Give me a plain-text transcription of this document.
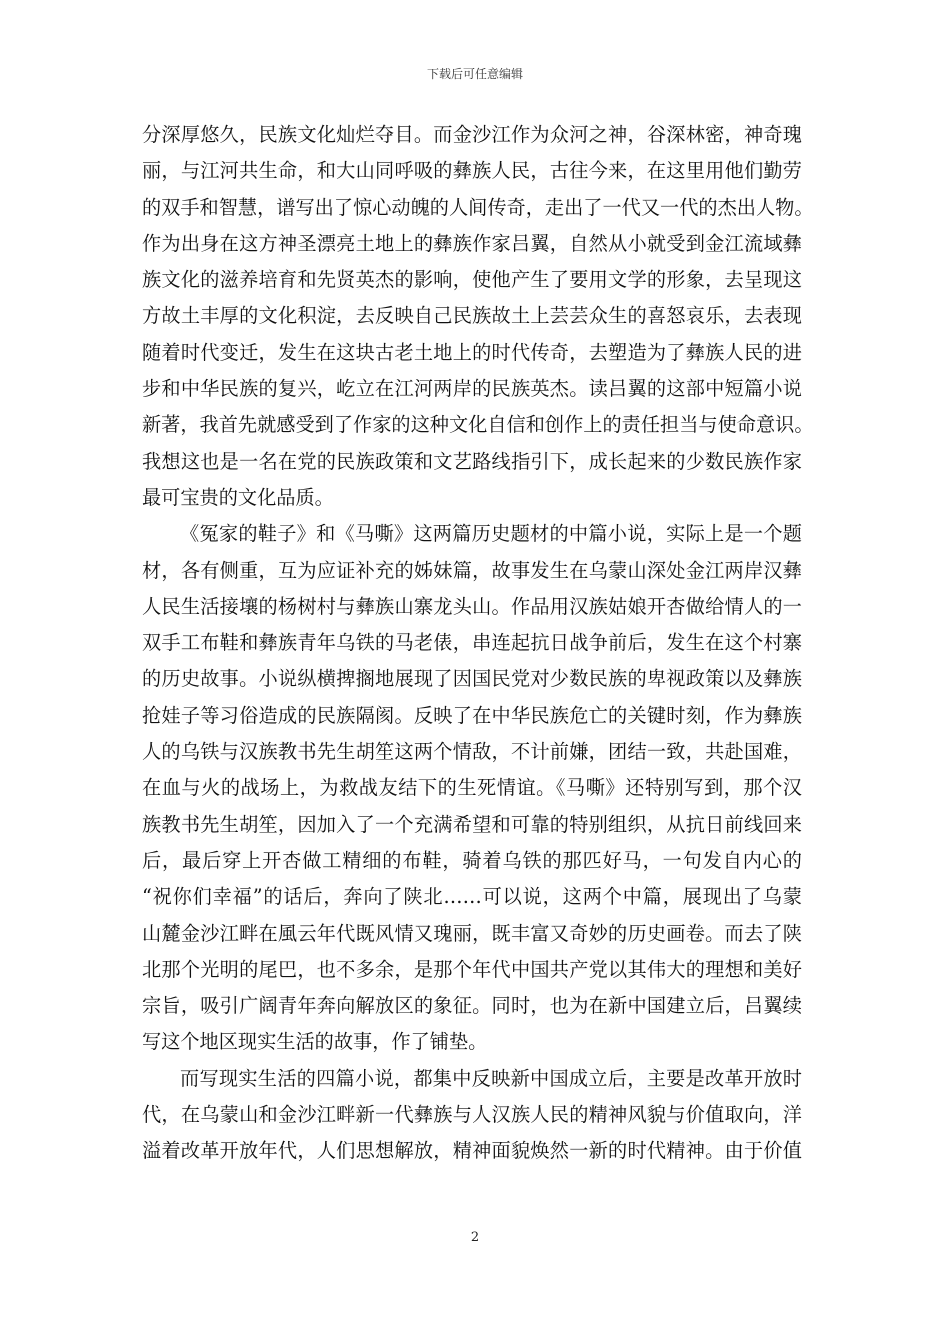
下载后可任意编辑
分深厚悠久，民族文化灿烂夺目。而金沙江作为众河之神，谷深林密，神奇瑰
丽，与江河共生命，和大山同呼吸的彝族人民，古往今来，在这里用他们勤劳
的双手和智慧，谱写出了惊心动魄的人间传奇，走出了一代又一代的杰出人物。
作为出身在这方神圣漂亮土地上的彝族作家吕翼，自然从小就受到金江流域彝
族文化的滋养培育和先贤英杰的影响，使他产生了要用文学的形象，去呈现这
方故土丰厚的文化积淀，去反映自己民族故土上芸芸众生的喜怒哀乐，去表现
随着时代变迁，发生在这块古老土地上的时代传奇，去塑造为了彝族人民的进
步和中华民族的复兴，屹立在江河两岸的民族英杰。读吕翼的这部中短篇小说
新著，我首先就感受到了作家的这种文化自信和创作上的责任担当与使命意识。
我想这也是一名在党的民族政策和文艺路线指引下，成长起来的少数民族作家
最可宝贵的文化品质。
《冤家的鞋子》和《马嘶》这两篇历史题材的中篇小说，实际上是一个题
材，各有侧重，互为应证补充的姊妹篇，故事发生在乌蒙山深处金江两岸汉彝
人民生活接壤的杨树村与彝族山寨龙头山。作品用汉族姑娘开杏做给情人的一
双手工布鞋和彝族青年乌铁的马老俵，串连起抗日战争前后，发生在这个村寨
的历史故事。小说纵横捭搁地展现了因国民党对少数民族的卑视政策以及彝族
抢娃子等习俗造成的民族隔阂。反映了在中华民族危亡的关键时刻，作为彝族
人的乌铁与汉族教书先生胡笙这两个情敌，不计前嫌，团结一致，共赴国难，
在血与火的战场上，为救战友结下的生死情谊。《马嘶》还特别写到，那个汉
族教书先生胡笙，因加入了一个充满希望和可靠的特别组织，从抗日前线回来
后，最后穿上开杏做工精细的布鞋，骑着乌铁的那匹好马，一句发自内心的
“祝你们幸福”的话后，奔向了陕北……可以说，这两个中篇，展现出了乌蒙
山麓金沙江畔在風云年代既风情又瑰丽，既丰富又奇妙的历史画卷。而去了陕
北那个光明的尾巴，也不多余，是那个年代中国共产党以其伟大的理想和美好
宗旨，吸引广阔青年奔向解放区的象征。同时，也为在新中国建立后，吕翼续
写这个地区现实生活的故事，作了铺垫。
而写现实生活的四篇小说，都集中反映新中国成立后，主要是改革开放时
代，在乌蒙山和金沙江畔新一代彝族与人汉族人民的精神风貌与价值取向，洋
溢着改革开放年代，人们思想解放，精神面貌焕然一新的时代精神。由于价值
2
